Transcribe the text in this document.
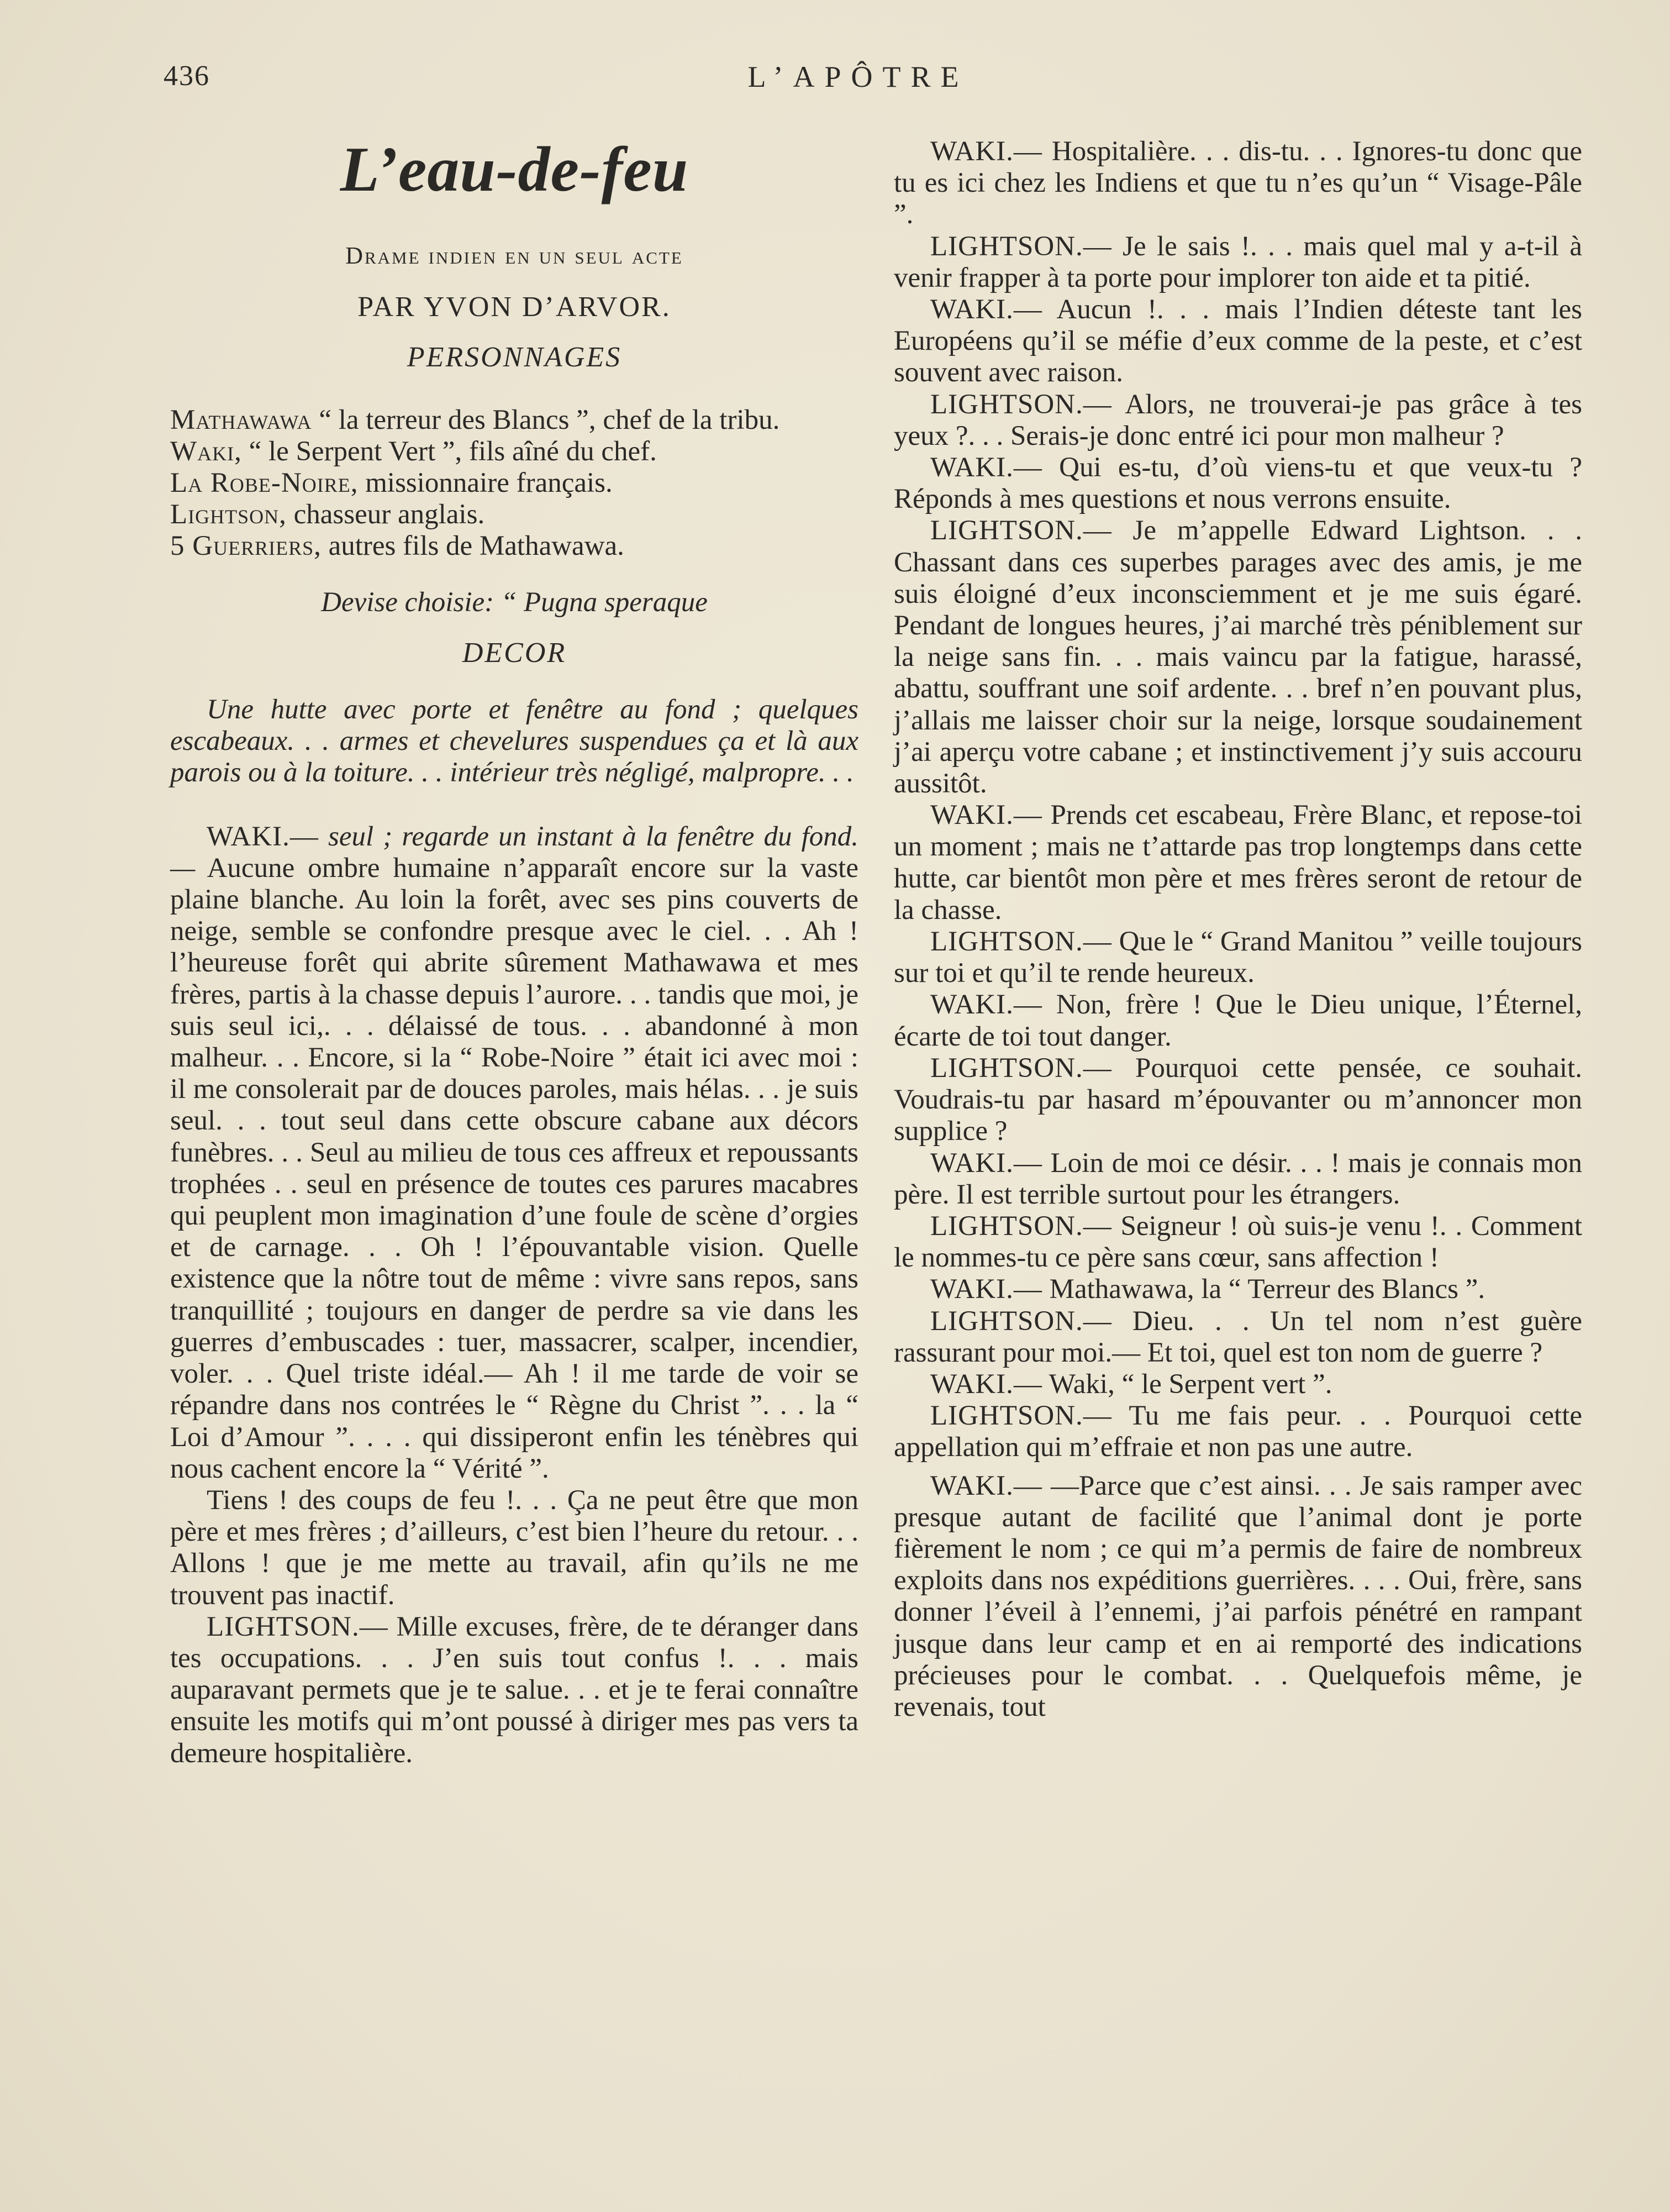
436	L’APÔTRE
L’eau-de-feu
Drame indien en un seul acte
PAR YVON D’ARVOR.
PERSONNAGES

Mathawawa “ la terreur des Blancs ”, chef de la tribu.

Waki, “ le Serpent Vert ”, fils aîné du chef.

La Robe-Noire, missionnaire français.

Lightson, chasseur anglais.

5 Guerriers, autres fils de Mathawawa.

Devise choisie: “ Pugna speraque
DECOR

Une hutte avec porte et fenêtre au fond ; quelques escabeaux. . . armes et chevelures suspendues ça et là aux parois ou à la toiture. . . intérieur très négligé, malpropre. . .

WAKI.— seul ; regarde un instant à la fenêtre du fond.— Aucune ombre humaine n’apparaît encore sur la vaste plaine blanche. Au loin la forêt, avec ses pins couverts de neige, semble se confondre presque avec le ciel. . . Ah ! l’heureuse forêt qui abrite sûrement Mathawawa et mes frères, partis à la chasse depuis l’aurore. . . tandis que moi, je suis seul ici,. . . délaissé de tous. . . abandonné à mon malheur. . . Encore, si la “ Robe-Noire ” était ici avec moi : il me consolerait par de douces paroles, mais hélas. . . je suis seul. . . tout seul dans cette obscure cabane aux décors funèbres. . . Seul au milieu de tous ces affreux et repoussants trophées . . seul en présence de toutes ces parures macabres qui peuplent mon imagination d’une foule de scène d’orgies et de carnage. . . Oh ! l’épouvantable vision. Quelle existence que la nôtre tout de même : vivre sans repos, sans tranquillité ; toujours en danger de perdre sa vie dans les guerres d’embuscades : tuer, massacrer, scalper, incendier, voler. . . Quel triste idéal.— Ah ! il me tarde de voir se répandre dans nos contrées le “ Règne du Christ ”. . . la “ Loi d’Amour ”. . . . qui dissiperont enfin les ténèbres qui nous cachent encore la “ Vérité ”.

Tiens ! des coups de feu !. . . Ça ne peut être que mon père et mes frères ; d’ailleurs, c’est bien l’heure du retour. . . Allons ! que je me mette au travail, afin qu’ils ne me trouvent pas inactif.

LIGHTSON.— Mille excuses, frère, de te déranger dans tes occupations. . . J’en suis tout confus !. . . mais auparavant permets que je te salue. . . et je te ferai connaître ensuite les motifs qui m’ont poussé à diriger mes pas vers ta demeure hospitalière.

WAKI.— Hospitalière. . . dis-tu. . . Ignores-tu donc que tu es ici chez les Indiens et que tu n’es qu’un “ Visage-Pâle ”.

LIGHTSON.— Je le sais !. . . mais quel mal y a-t-il à venir frapper à ta porte pour implorer ton aide et ta pitié.

WAKI.— Aucun !. . . mais l’Indien déteste tant les Européens qu’il se méfie d’eux comme de la peste, et c’est souvent avec raison.

LIGHTSON.— Alors, ne trouverai-je pas grâce à tes yeux ?. . . Serais-je donc entré ici pour mon malheur ?

WAKI.— Qui es-tu, d’où viens-tu et que veux-tu ? Réponds à mes questions et nous verrons ensuite.

LIGHTSON.— Je m’appelle Edward Lightson. . . Chassant dans ces superbes parages avec des amis, je me suis éloigné d’eux inconsciemment et je me suis égaré. Pendant de longues heures, j’ai marché très péniblement sur la neige sans fin. . . mais vaincu par la fatigue, harassé, abattu, souffrant une soif ardente. . . bref n’en pouvant plus, j’allais me laisser choir sur la neige, lorsque soudainement j’ai aperçu votre cabane ; et instinctivement j’y suis accouru aussitôt.

WAKI.— Prends cet escabeau, Frère Blanc, et repose-toi un moment ; mais ne t’attarde pas trop longtemps dans cette hutte, car bientôt mon père et mes frères seront de retour de la chasse.

LIGHTSON.— Que le “ Grand Manitou ” veille toujours sur toi et qu’il te rende heureux.

WAKI.— Non, frère ! Que le Dieu unique, l’Éternel, écarte de toi tout danger.

LIGHTSON.— Pourquoi cette pensée, ce souhait. Voudrais-tu par hasard m’épouvanter ou m’annoncer mon supplice ?

WAKI.— Loin de moi ce désir. . . ! mais je connais mon père. Il est terrible surtout pour les étrangers.

LIGHTSON.— Seigneur ! où suis-je venu !. . Comment le nommes-tu ce père sans cœur, sans affection !

WAKI.— Mathawawa, la “ Terreur des Blancs ”.

LIGHTSON.— Dieu. . . Un tel nom n’est guère rassurant pour moi.— Et toi, quel est ton nom de guerre ?

WAKI.— Waki, “ le Serpent vert ”.

LIGHTSON.— Tu me fais peur. . . Pourquoi cette appellation qui m’effraie et non pas une autre.

WAKI.— —Parce que c’est ainsi. . . Je sais ramper avec presque autant de facilité que l’animal dont je porte fièrement le nom ; ce qui m’a permis de faire de nombreux exploits dans nos expéditions guerrières. . . . Oui, frère, sans donner l’éveil à l’ennemi, j’ai parfois pénétré en rampant jusque dans leur camp et en ai remporté des indications précieuses pour le combat. . . Quelquefois même, je revenais, tout
